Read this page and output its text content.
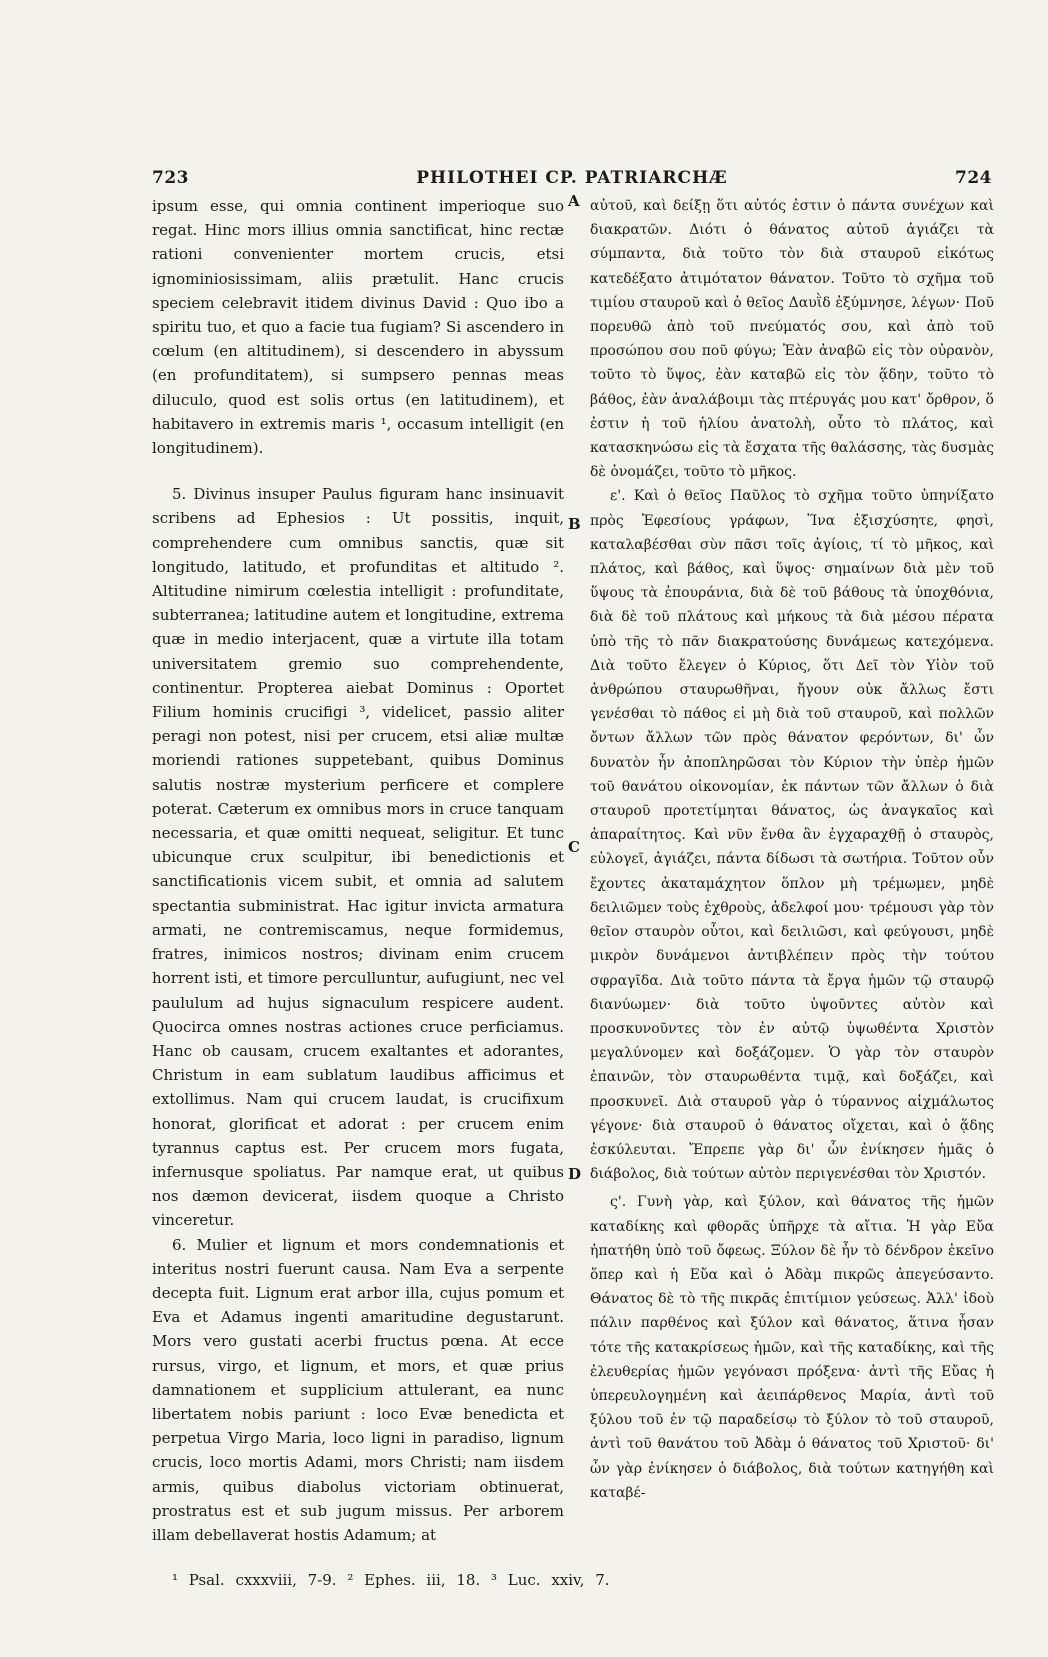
723	PHILOTHEI CP. PATRIARCHÆ	724

ipsum esse, qui omnia continent imperioque suo regat. Hinc mors illius omnia sanctificat, hinc rectæ rationi convenienter mortem crucis, etsi ignominiosissimam, aliis prætulit. Hanc crucis speciem celebravit itidem divinus David : Quo ibo a spiritu tuo, et quo a facie tua fugiam? Si ascendero in cœlum (en altitudinem), si descendero in abyssum (en profunditatem), si sumpsero pennas meas diluculo, quod est solis ortus (en latitudinem), et habitavero in extremis maris ¹, occasum intelligit (en longitudinem).

5. Divinus insuper Paulus figuram hanc insinuavit scribens ad Ephesios : Ut possitis, inquit, comprehendere cum omnibus sanctis, quæ sit longitudo, latitudo, et profunditas et altitudo ². Altitudine nimirum cœlestia intelligit : profunditate, subterranea; latitudine autem et longitudine, extrema quæ in medio interjacent, quæ a virtute illa totam universitatem gremio suo comprehendente, continentur. Propterea aiebat Dominus : Oportet Filium hominis crucifigi ³, videlicet, passio aliter peragi non potest, nisi per crucem, etsi aliæ multæ moriendi rationes suppetebant, quibus Dominus salutis nostræ mysterium perficere et complere poterat. Cæterum ex omnibus mors in cruce tanquam necessaria, et quæ omitti nequeat, seligitur. Et tunc ubicunque crux sculpitur, ibi benedictionis et sanctificationis vicem subit, et omnia ad salutem spectantia subministrat. Hac igitur invicta armatura armati, ne contremiscamus, neque formidemus, fratres, inimicos nostros; divinam enim crucem horrent isti, et timore perculluntur, aufugiunt, nec vel paululum ad hujus signaculum respicere audent. Quocirca omnes nostras actiones cruce perficiamus. Hanc ob causam, crucem exaltantes et adorantes, Christum in eam sublatum laudibus afficimus et extollimus. Nam qui crucem laudat, is crucifixum honorat, glorificat et adorat : per crucem enim tyrannus captus est. Per crucem mors fugata, infernusque spoliatus. Par namque erat, ut quibus nos dæmon devicerat, iisdem quoque a Christo vinceretur.

6. Mulier et lignum et mors condemnationis et interitus nostri fuerunt causa. Nam Eva a serpente decepta fuit. Lignum erat arbor illa, cujus pomum et Eva et Adamus ingenti amaritudine degustarunt. Mors vero gustati acerbi fructus pœna. At ecce rursus, virgo, et lignum, et mors, et quæ prius damnationem et supplicium attulerant, ea nunc libertatem nobis pariunt : loco Evæ benedicta et perpetua Virgo Maria, loco ligni in paradiso, lignum crucis, loco mortis Adami, mors Christi; nam iisdem armis, quibus diabolus victoriam obtinuerat, prostratus est et sub jugum missus. Per arborem illam debellaverat hostis Adamum; at

αὐτοῦ, καὶ δείξῃ ὅτι αὐτός ἐστιν ὁ πάντα συνέχων καὶ διακρατῶν. Διότι ὁ θάνατος αὐτοῦ ἁγιάζει τὰ σύμπαντα, διὰ τοῦτο τὸν διὰ σταυροῦ εἰκότως κατεδέξατο ἀτιμότατον θάνατον. Τοῦτο τὸ σχῆμα τοῦ τιμίου σταυροῦ καὶ ὁ θεῖος Δαυῒδ ἐξύμνησε, λέγων· Ποῦ πορευθῶ ἀπὸ τοῦ πνεύματός σου, καὶ ἀπὸ τοῦ προσώπου σου ποῦ φύγω; Ἐὰν ἀναβῶ εἰς τὸν οὐρανὸν, τοῦτο τὸ ὕψος, ἐὰν καταβῶ εἰς τὸν ᾅδην, τοῦτο τὸ βάθος, ἐὰν ἀναλάβοιμι τὰς πτέρυγάς μου κατ' ὄρθρον, ὅ ἐστιν ἡ τοῦ ἡλίου ἀνατολὴ, οὗτο τὸ πλάτος, καὶ κατασκηνώσω εἰς τὰ ἔσχατα τῆς θαλάσσης, τὰς δυσμὰς δὲ ὀνομάζει, τοῦτο τὸ μῆκος.

ε'. Καὶ ὁ θεῖος Παῦλος τὸ σχῆμα τοῦτο ὑπηνίξατο πρὸς Ἐφεσίους γράφων, Ἵνα ἐξισχύσητε, φησὶ, καταλαβέσθαι σὺν πᾶσι τοῖς ἁγίοις, τί τὸ μῆκος, καὶ πλάτος, καὶ βάθος, καὶ ὕψος· σημαίνων διὰ μὲν τοῦ ὕψους τὰ ἐπουράνια, διὰ δὲ τοῦ βάθους τὰ ὑποχθόνια, διὰ δὲ τοῦ πλάτους καὶ μήκους τὰ διὰ μέσου πέρατα ὑπὸ τῆς τὸ πᾶν διακρατούσης δυνάμεως κατεχόμενα. Διὰ τοῦτο ἔλεγεν ὁ Κύριος, ὅτι Δεῖ τὸν Υἱὸν τοῦ ἀνθρώπου σταυρωθῆναι, ἤγουν οὐκ ἄλλως ἔστι γενέσθαι τὸ πάθος εἰ μὴ διὰ τοῦ σταυροῦ, καὶ πολλῶν ὄντων ἄλλων τῶν πρὸς θάνατον φερόντων, δι' ὧν δυνατὸν ἦν ἀποπληρῶσαι τὸν Κύριον τὴν ὑπὲρ ἡμῶν τοῦ θανάτου οἰκονομίαν, ἐκ πάντων τῶν ἄλλων ὁ διὰ σταυροῦ προτετίμηται θάνατος, ὡς ἀναγκαῖος καὶ ἀπαραίτητος. Καὶ νῦν ἔνθα ἂν ἐγχαραχθῇ ὁ σταυρὸς, εὐλογεῖ, ἁγιάζει, πάντα δίδωσι τὰ σωτήρια. Τοῦτον οὖν ἔχοντες ἀκαταμάχητον ὅπλον μὴ τρέμωμεν, μηδὲ δειλιῶμεν τοὺς ἐχθροὺς, ἀδελφοί μου· τρέμουσι γὰρ τὸν θεῖον σταυρὸν οὗτοι, καὶ δειλιῶσι, καὶ φεύγουσι, μηδὲ μικρὸν δυνάμενοι ἀντιβλέπειν πρὸς τὴν τούτου σφραγῖδα. Διὰ τοῦτο πάντα τὰ ἔργα ἡμῶν τῷ σταυρῷ διανύωμεν· διὰ τοῦτο ὑψοῦντες αὐτὸν καὶ προσκυνοῦντες τὸν ἐν αὐτῷ ὑψωθέντα Χριστὸν μεγαλύνομεν καὶ δοξάζομεν. Ὁ γὰρ τὸν σταυρὸν ἐπαινῶν, τὸν σταυρωθέντα τιμᾷ, καὶ δοξάζει, καὶ προσκυνεῖ. Διὰ σταυροῦ γὰρ ὁ τύραννος αἰχμάλωτος γέγονε· διὰ σταυροῦ ὁ θάνατος οἴχεται, καὶ ὁ ᾅδης ἐσκύλευται. Ἔπρεπε γὰρ δι' ὧν ἐνίκησεν ἡμᾶς ὁ διάβολος, διὰ τούτων αὐτὸν περιγενέσθαι τὸν Χριστόν.

ς'. Γυνὴ γὰρ, καὶ ξύλον, καὶ θάνατος τῆς ἡμῶν καταδίκης καὶ φθορᾶς ὑπῆρχε τὰ αἴτια. Ἡ γὰρ Εὔα ἠπατήθη ὑπὸ τοῦ ὄφεως. Ξύλον δὲ ἦν τὸ δένδρον ἐκεῖνο ὅπερ καὶ ἡ Εὔα καὶ ὁ Ἀδὰμ πικρῶς ἀπεγεύσαντο. Θάνατος δὲ τὸ τῆς πικρᾶς ἐπιτίμιον γεύσεως. Ἀλλ' ἰδοὺ πάλιν παρθένος καὶ ξύλον καὶ θάνατος, ἅτινα ἦσαν τότε τῆς κατακρίσεως ἡμῶν, καὶ τῆς καταδίκης, καὶ τῆς ἐλευθερίας ἡμῶν γεγόνασι πρόξενα· ἀντὶ τῆς Εὔας ἡ ὑπερευλογημένη καὶ ἀειπάρθενος Μαρία, ἀντὶ τοῦ ξύλου τοῦ ἐν τῷ παραδείσῳ τὸ ξύλον τὸ τοῦ σταυροῦ, ἀντὶ τοῦ θανάτου τοῦ Ἀδὰμ ὁ θάνατος τοῦ Χριστοῦ· δι' ὧν γὰρ ἐνίκησεν ὁ διάβολος, διὰ τούτων κατηγήθη καὶ καταβέ-

A
B
C
D
¹ Psal. cxxxviii, 7-9. ² Ephes. iii, 18. ³ Luc. xxiv, 7.
